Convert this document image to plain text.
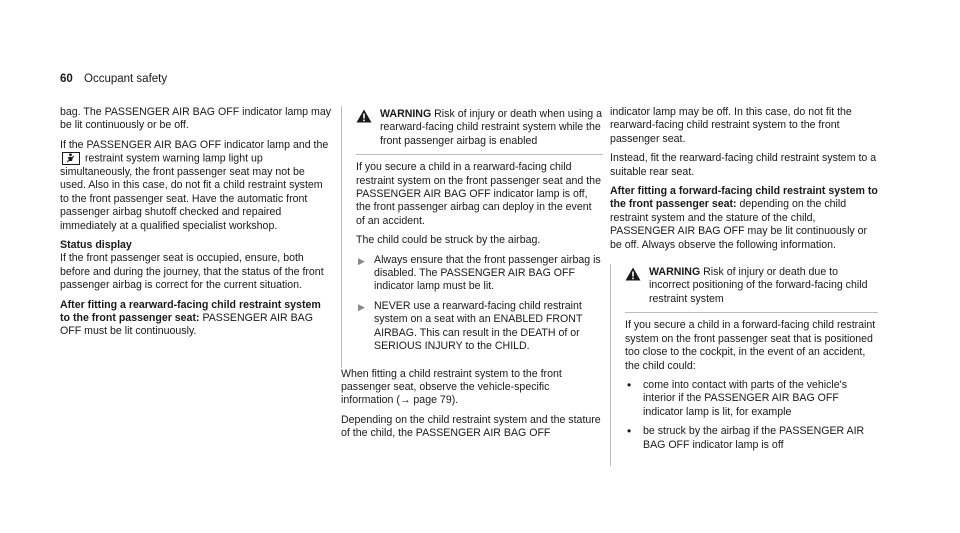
60 Occupant safety

bag. The PASSENGER AIR BAG OFF indicator lamp may be lit continuously or be off.

If the PASSENGER AIR BAG OFF indicator lamp and the
restraint system warning lamp light up simultaneously, the front passenger seat may not be used. Also in this case, do not fit a child restraint system to the front passenger seat. Have the automatic front passenger airbag shutoff checked and repaired immediately at a qualified specialist workshop.

Status display

If the front passenger seat is occupied, ensure, both before and during the journey, that the status of the front passenger airbag is correct for the current situation.

After fitting a rearward-facing child restraint system to the front passenger seat: PASSENGER AIR BAG OFF must be lit continuously.

WARNING Risk of injury or death when using a rearward-facing child restraint system while the front passenger airbag is enabled

If you secure a child in a rearward-facing child restraint system on the front passenger seat and the PASSENGER AIR BAG OFF indicator lamp is off, the front passenger airbag can deploy in the event of an accident.

The child could be struck by the airbag.

▶ Always ensure that the front passenger airbag is disabled. The PASSENGER AIR BAG OFF indicator lamp must be lit.
▶ NEVER use a rearward-facing child restraint system on a seat with an ENABLED FRONT AIRBAG. This can result in the DEATH of or SERIOUS INJURY to the CHILD.

When fitting a child restraint system to the front passenger seat, observe the vehicle-specific information (→ page 79).

Depending on the child restraint system and the stature of the child, the PASSENGER AIR BAG OFF

indicator lamp may be off. In this case, do not fit the rearward-facing child restraint system to the front passenger seat.

Instead, fit the rearward-facing child restraint system to a suitable rear seat.

After fitting a forward-facing child restraint system to the front passenger seat: depending on the child restraint system and the stature of the child, PASSENGER AIR BAG OFF may be lit continuously or be off. Always observe the following information.

WARNING Risk of injury or death due to incorrect positioning of the forward-facing child restraint system

If you secure a child in a forward-facing child restraint system on the front passenger seat that is positioned too close to the cockpit, in the event of an accident, the child could:

•	come into contact with parts of the vehicle's interior if the PASSENGER AIR BAG OFF indicator lamp is lit, for example
•	be struck by the airbag if the PASSENGER AIR BAG OFF indicator lamp is off
